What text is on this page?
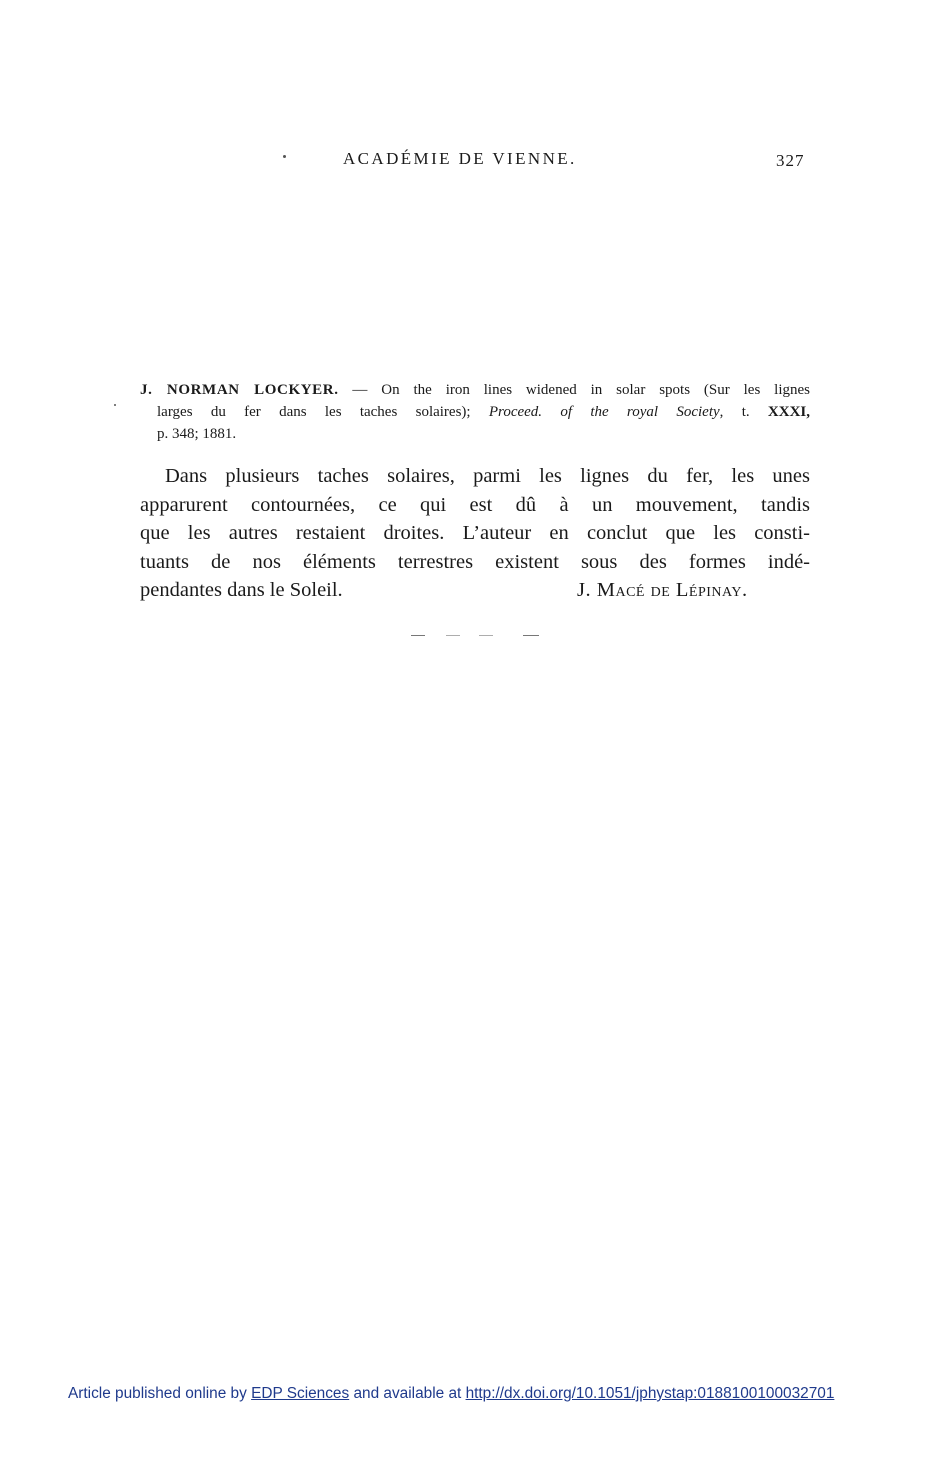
ACADÉMIE DE VIENNE.	327
J. NORMAN LOCKYER. — On the iron lines widened in solar spots (Sur les lignes
larges du fer dans les taches solaires); Proceed. of the royal Society, t. XXXI,
p. 348; 1881.
Dans plusieurs taches solaires, parmi les lignes du fer, les unes
apparurent contournées, ce qui est dû à un mouvement, tandis
que les autres restaient droites. L’auteur en conclut que les consti-
tuants de nos éléments terrestres existent sous des formes indé-
pendantes dans le Soleil.	J. Macé de Lépinay.
Article published online by EDP Sciences and available at http://dx.doi.org/10.1051/jphystap:0188100100032701
